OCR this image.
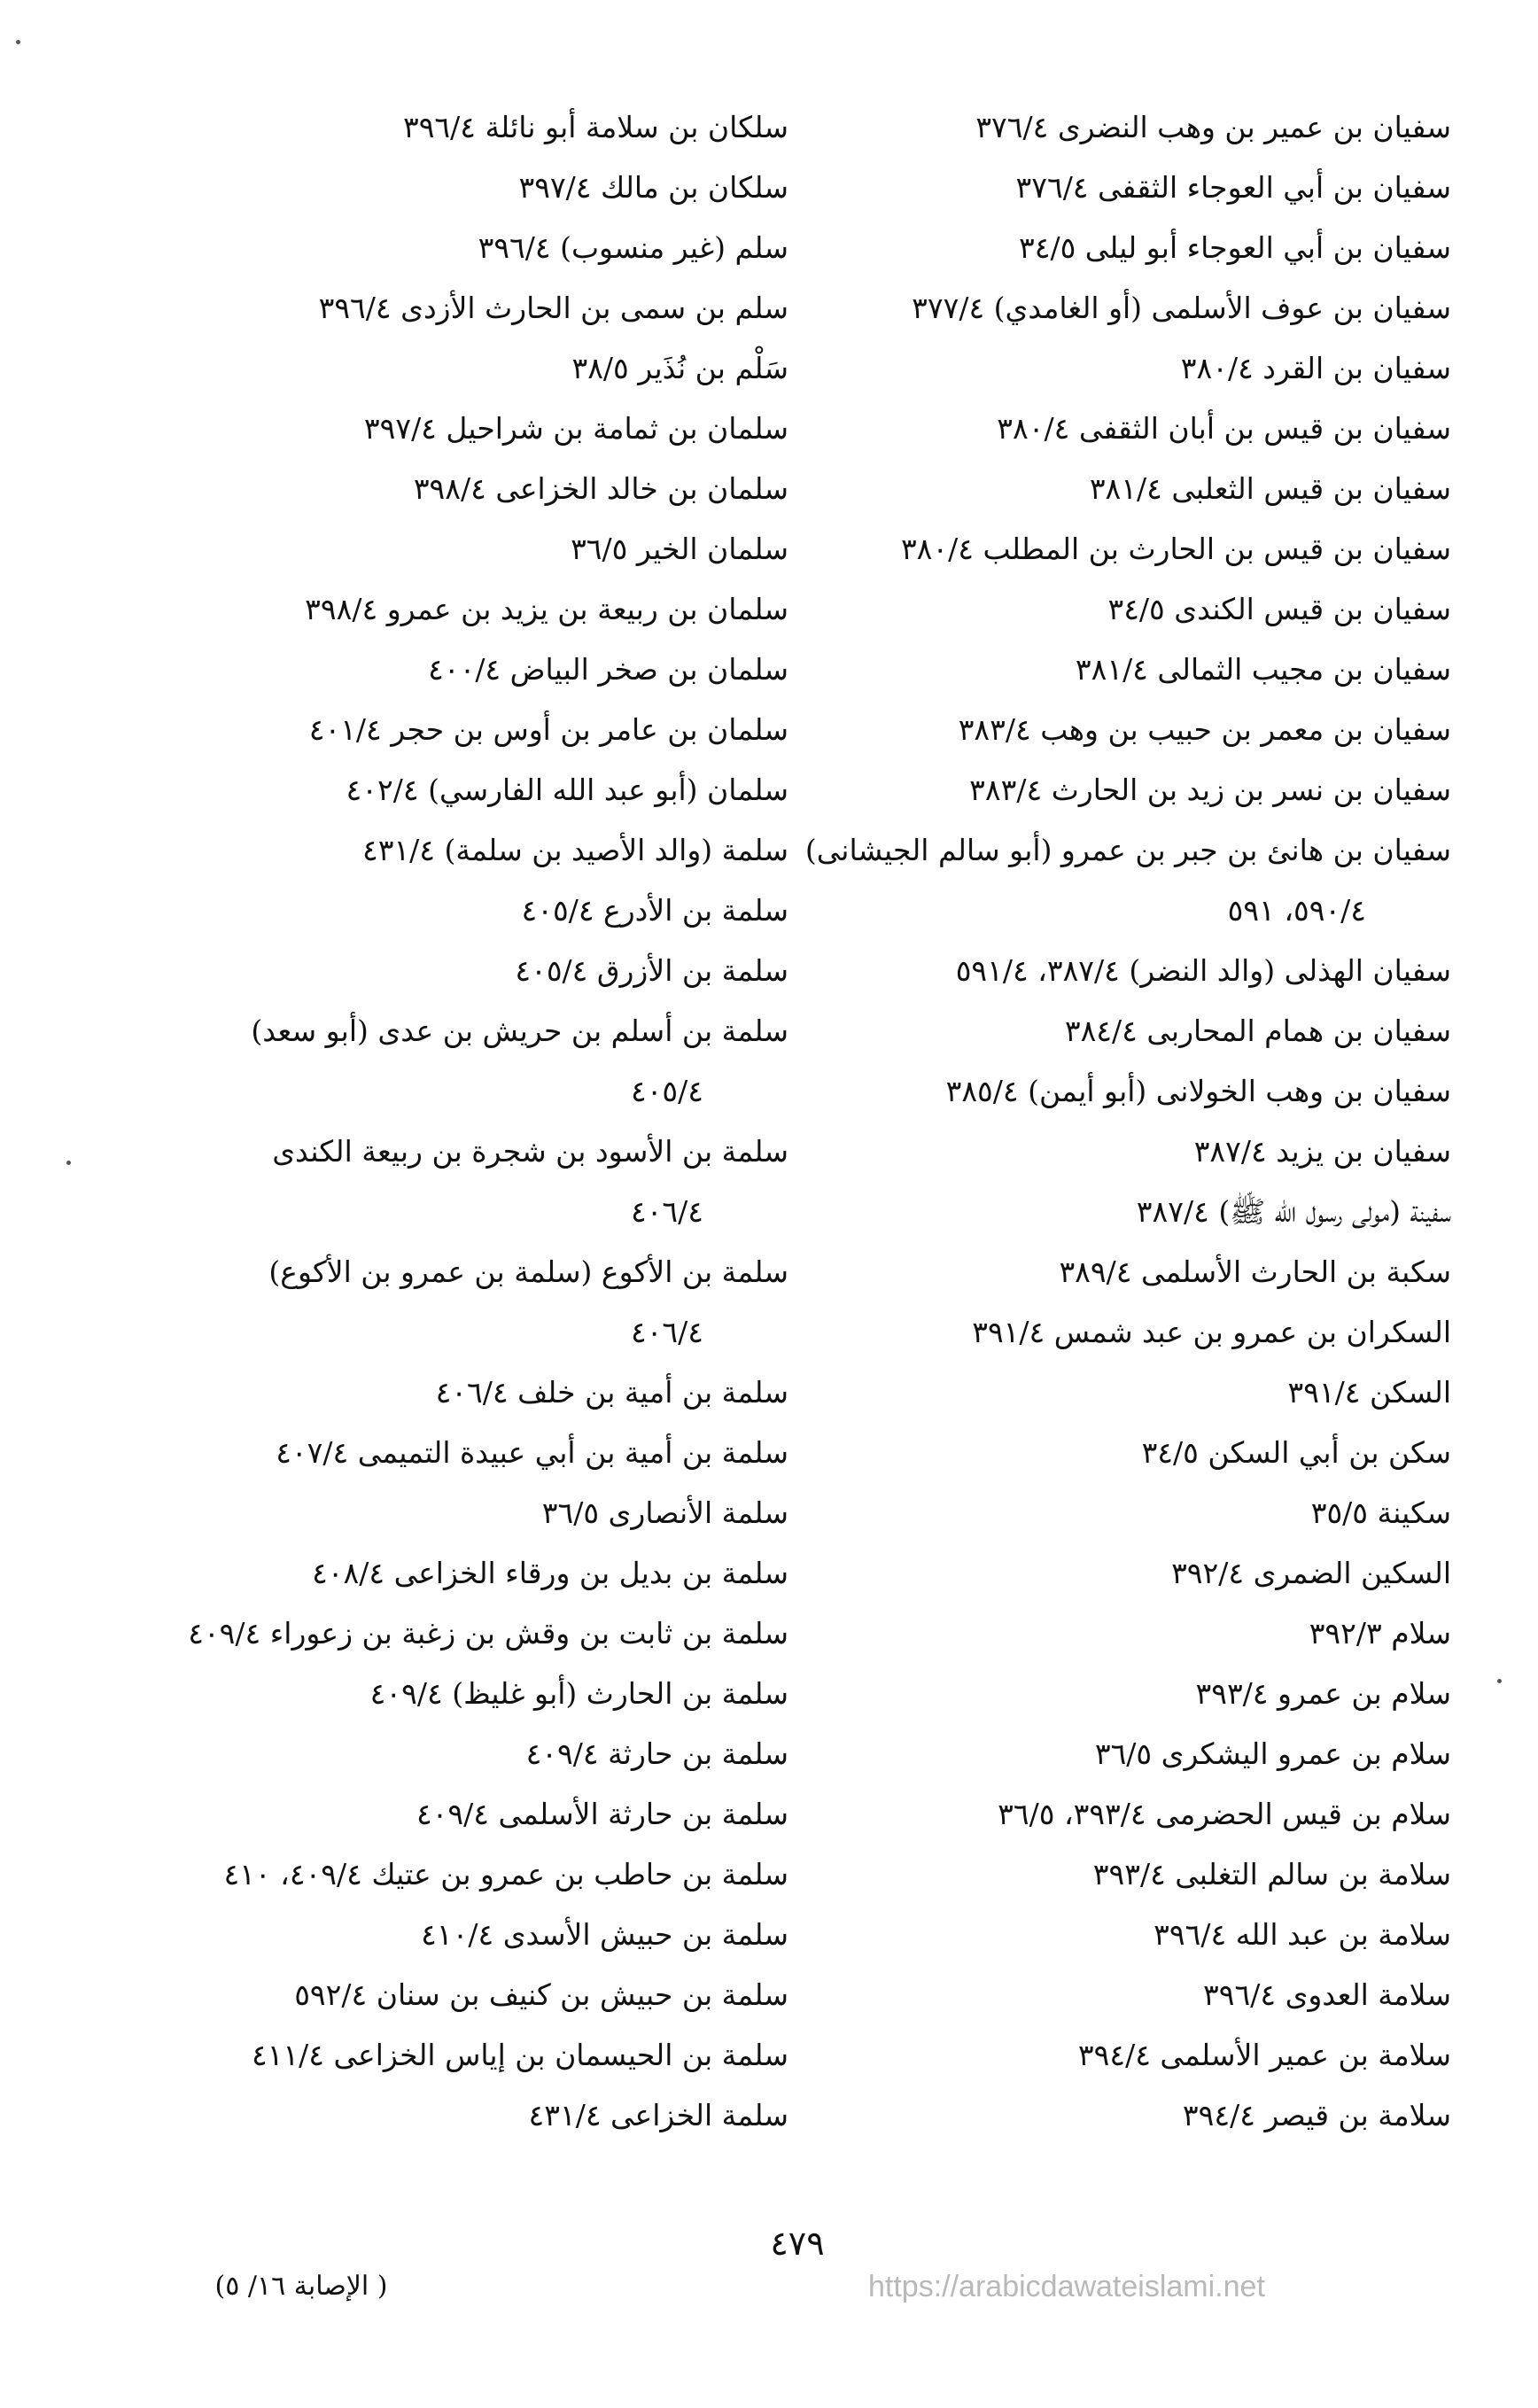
سفيان بن عمير بن وهب النضرى ٣٧٦/٤
سفيان بن أبي العوجاء الثقفى ٣٧٦/٤
سفيان بن أبي العوجاء أبو ليلى ٣٤/٥
سفيان بن عوف الأسلمى (أو الغامدي) ٣٧٧/٤
سفيان بن القرد ٣٨٠/٤
سفيان بن قيس بن أبان الثقفى ٣٨٠/٤
سفيان بن قيس الثعلبى ٣٨١/٤
سفيان بن قيس بن الحارث بن المطلب ٣٨٠/٤
سفيان بن قيس الكندى ٣٤/٥
سفيان بن مجيب الثمالى ٣٨١/٤
سفيان بن معمر بن حبيب بن وهب ٣٨٣/٤
سفيان بن نسر بن زيد بن الحارث ٣٨٣/٤
سفيان بن هانئ بن جبر بن عمرو (أبو سالم الجيشانى)
٥٩٠/٤، ٥٩١
سفيان الهذلى (والد النضر) ٣٨٧/٤، ٥٩١/٤
سفيان بن همام المحاربى ٣٨٤/٤
سفيان بن وهب الخولانى (أبو أيمن) ٣٨٥/٤
سفيان بن يزيد ٣٨٧/٤
سفينة (مولى رسول الله ﷺ) ٣٨٧/٤
سكبة بن الحارث الأسلمى ٣٨٩/٤
السكران بن عمرو بن عبد شمس ٣٩١/٤
السكن ٣٩١/٤
سكن بن أبي السكن ٣٤/٥
سكينة ٣٥/٥
السكين الضمرى ٣٩٢/٤
سلام ٣٩٢/٣
سلام بن عمرو ٣٩٣/٤
سلام بن عمرو اليشكرى ٣٦/٥
سلام بن قيس الحضرمى ٣٩٣/٤، ٣٦/٥
سلامة بن سالم التغلبى ٣٩٣/٤
سلامة بن عبد الله ٣٩٦/٤
سلامة العدوى ٣٩٦/٤
سلامة بن عمير الأسلمى ٣٩٤/٤
سلامة بن قيصر ٣٩٤/٤
سلكان بن سلامة أبو نائلة ٣٩٦/٤
سلكان بن مالك ٣٩٧/٤
سلم (غير منسوب) ٣٩٦/٤
سلم بن سمى بن الحارث الأزدى ٣٩٦/٤
سَلْم بن نُذَير ٣٨/٥
سلمان بن ثمامة بن شراحيل ٣٩٧/٤
سلمان بن خالد الخزاعى ٣٩٨/٤
سلمان الخير ٣٦/٥
سلمان بن ربيعة بن يزيد بن عمرو ٣٩٨/٤
سلمان بن صخر البياض ٤٠٠/٤
سلمان بن عامر بن أوس بن حجر ٤٠١/٤
سلمان (أبو عبد الله الفارسي) ٤٠٢/٤
سلمة (والد الأصيد بن سلمة) ٤٣١/٤
سلمة بن الأدرع ٤٠٥/٤
سلمة بن الأزرق ٤٠٥/٤
سلمة بن أسلم بن حريش بن عدى (أبو سعد)
٤٠٥/٤
سلمة بن الأسود بن شجرة بن ربيعة الكندى
٤٠٦/٤
سلمة بن الأكوع (سلمة بن عمرو بن الأكوع)
٤٠٦/٤
سلمة بن أمية بن خلف ٤٠٦/٤
سلمة بن أمية بن أبي عبيدة التميمى ٤٠٧/٤
سلمة الأنصارى ٣٦/٥
سلمة بن بديل بن ورقاء الخزاعى ٤٠٨/٤
سلمة بن ثابت بن وقش بن زغبة بن زعوراء ٤٠٩/٤
سلمة بن الحارث (أبو غليظ) ٤٠٩/٤
سلمة بن حارثة ٤٠٩/٤
سلمة بن حارثة الأسلمى ٤٠٩/٤
سلمة بن حاطب بن عمرو بن عتيك ٤٠٩/٤، ٤١٠
سلمة بن حبيش الأسدى ٤١٠/٤
سلمة بن حبيش بن كنيف بن سنان ٥٩٢/٤
سلمة بن الحيسمان بن إياس الخزاعى ٤١١/٤
سلمة الخزاعى ٤٣١/٤
٤٧٩
( الإصابة ١٦/ ٥)	https://arabicdawateislami.net
